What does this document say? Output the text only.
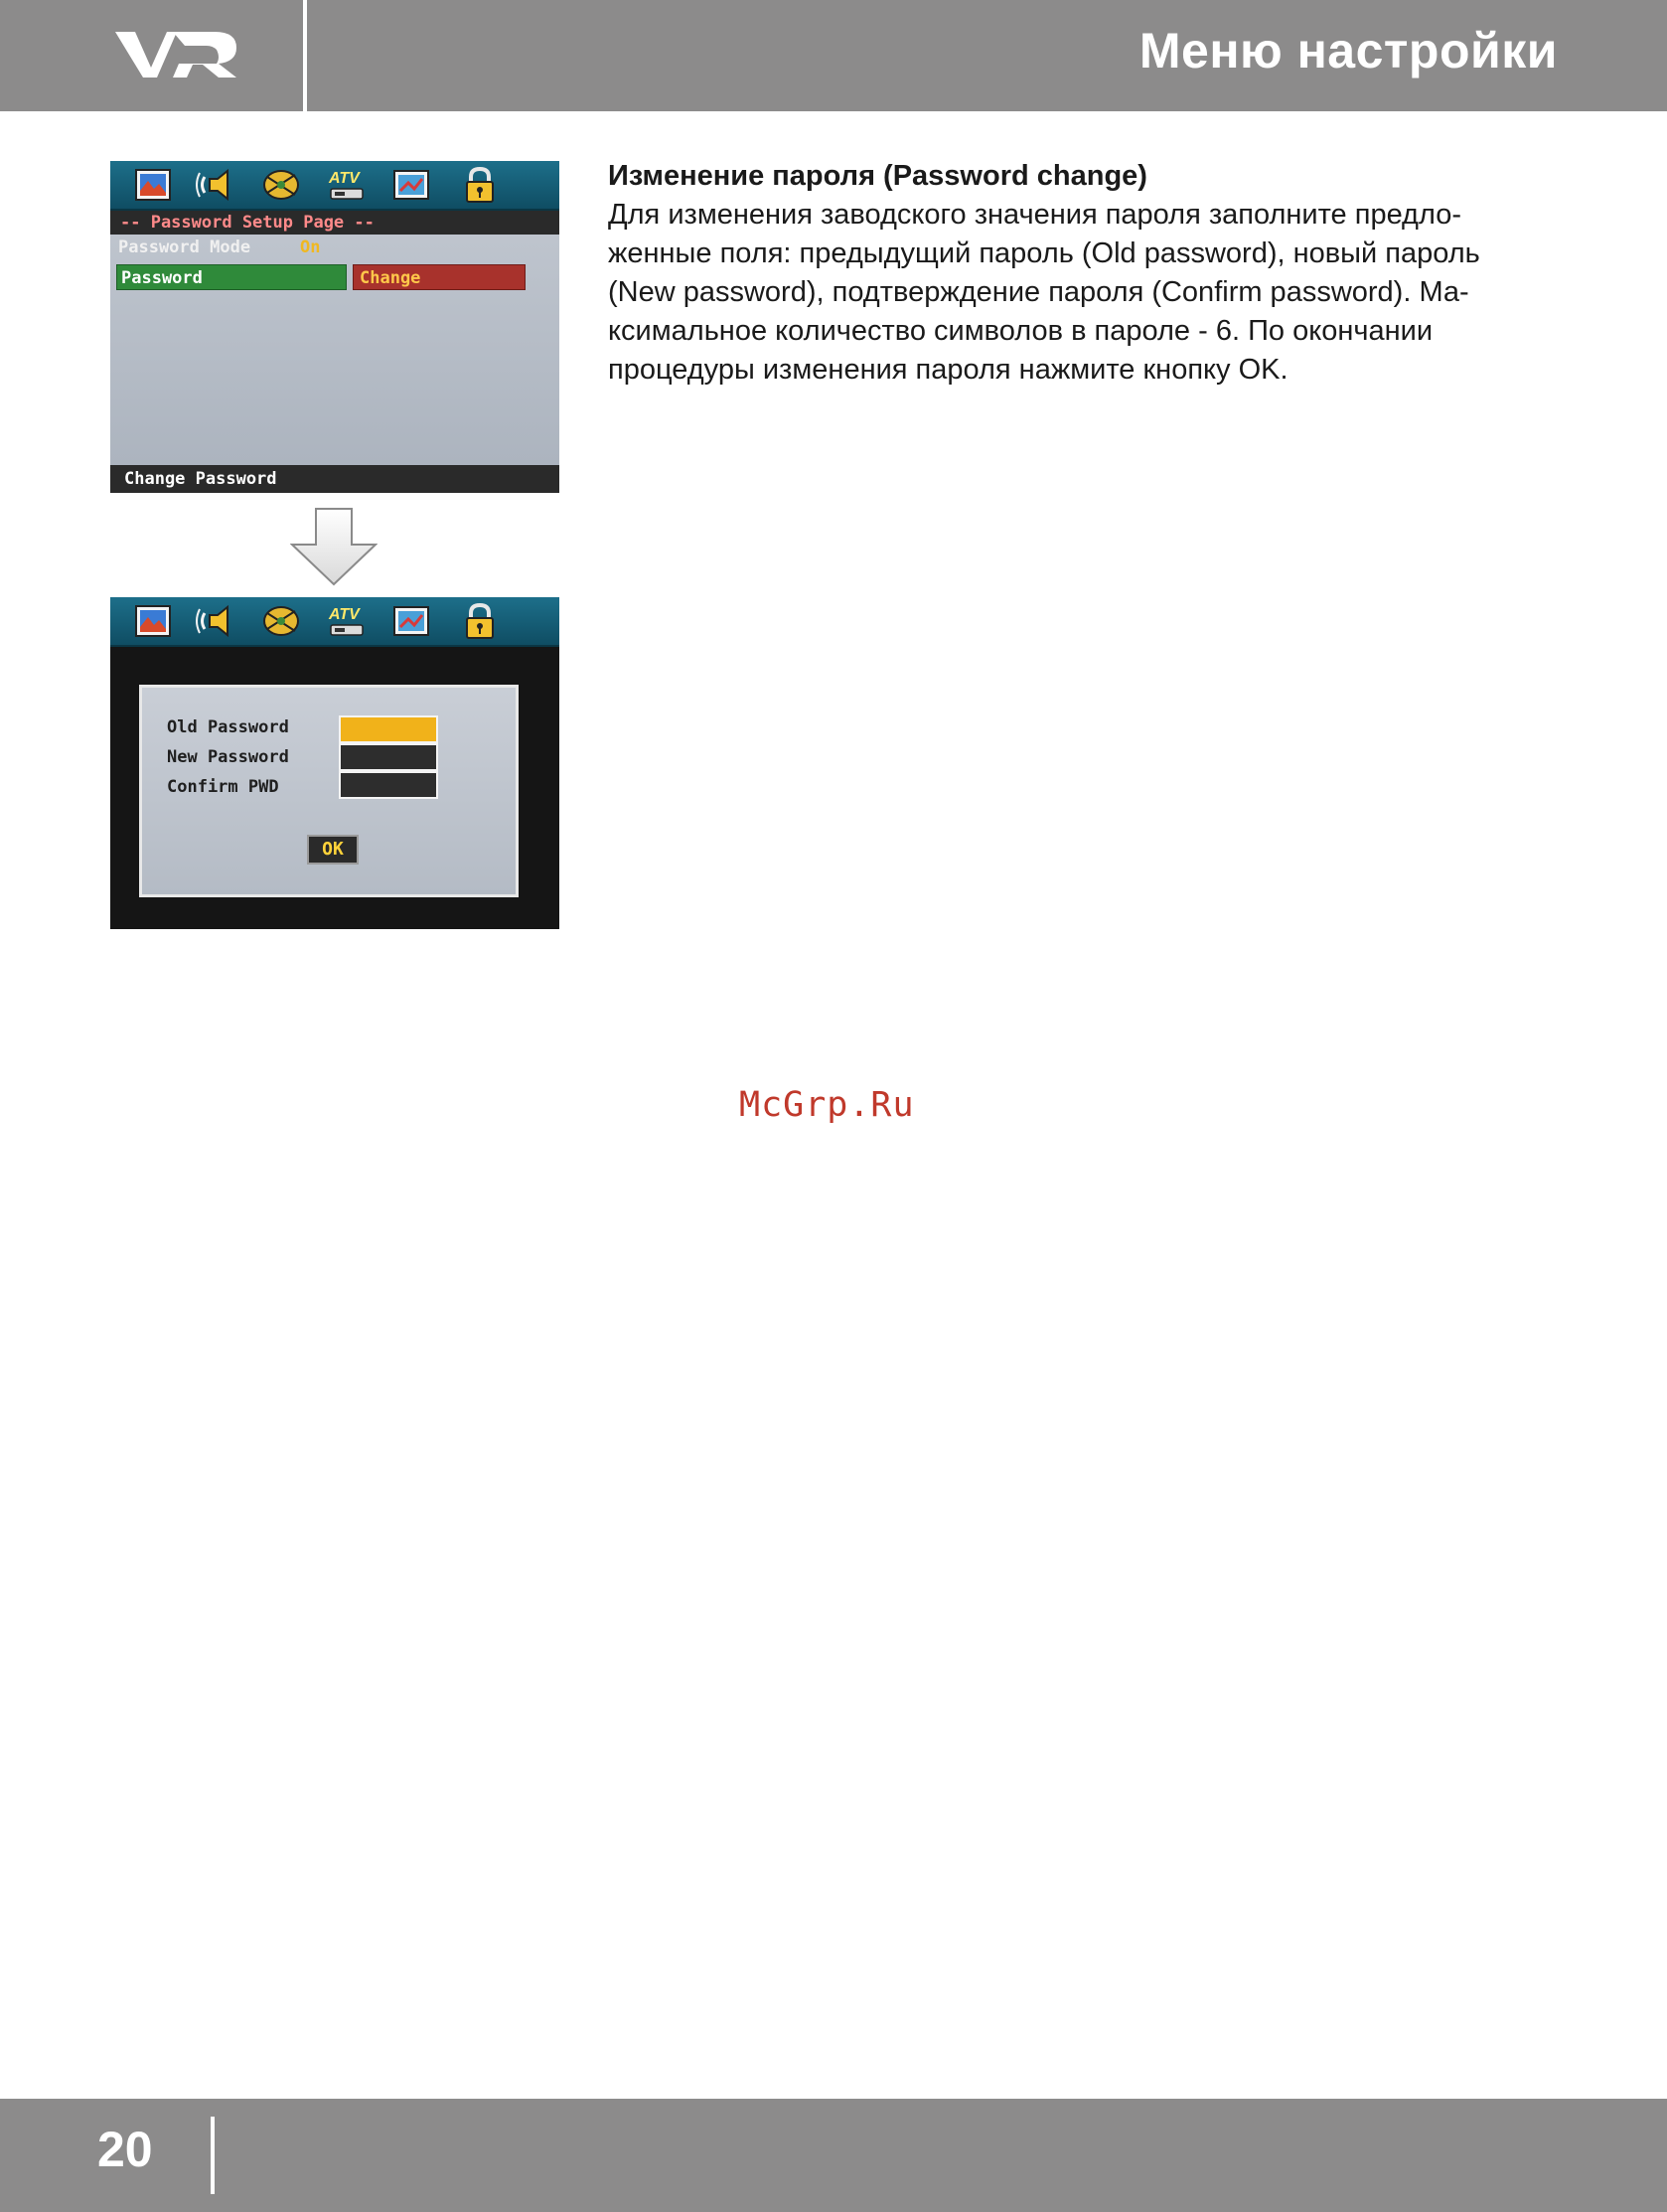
Меню настройки
ATV
-- Password Setup Page --
Password Mode	On
Password	Change
Change Password
ATV
Old Password
New Password
Confirm PWD
OK
Изменение пароля (Password change)
Для изменения заводского значения пароля заполните предло-
женные поля: предыдущий пароль (Old password), новый пароль
(New password), подтверждение пароля (Confirm password). Ма-
ксимальное количество символов в пароле - 6. По окончании
процедуры изменения пароля нажмите кнопку OK.
McGrp.Ru
20
